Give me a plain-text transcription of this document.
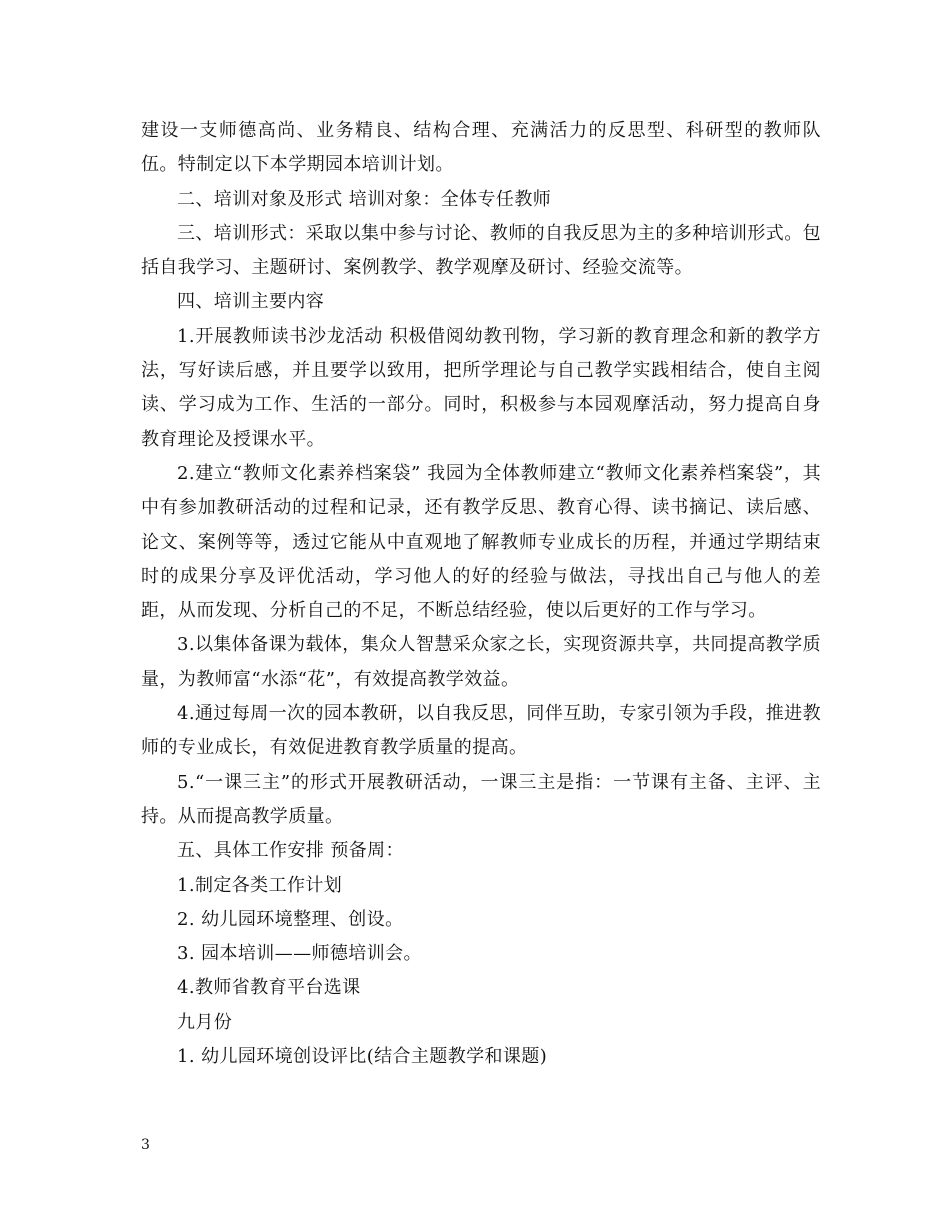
建设一支师德高尚、业务精良、结构合理、充满活力的反思型、科研型的教师队伍。特制定以下本学期园本培训计划。

二、培训对象及形式 培训对象：全体专任教师

三、培训形式：采取以集中参与讨论、教师的自我反思为主的多种培训形式。包括自我学习、主题研讨、案例教学、教学观摩及研讨、经验交流等。

四、培训主要内容

1.开展教师读书沙龙活动 积极借阅幼教刊物，学习新的教育理念和新的教学方法，写好读后感，并且要学以致用，把所学理论与自己教学实践相结合，使自主阅读、学习成为工作、生活的一部分。同时，积极参与本园观摩活动，努力提高自身教育理论及授课水平。

2.建立“教师文化素养档案袋” 我园为全体教师建立“教师文化素养档案袋”，其中有参加教研活动的过程和记录，还有教学反思、教育心得、读书摘记、读后感、论文、案例等等，透过它能从中直观地了解教师专业成长的历程，并通过学期结束时的成果分享及评优活动，学习他人的好的经验与做法，寻找出自己与他人的差距，从而发现、分析自己的不足，不断总结经验，使以后更好的工作与学习。

3.以集体备课为载体，集众人智慧采众家之长，实现资源共享，共同提高教学质量，为教师富“水添“花”，有效提高教学效益。

4.通过每周一次的园本教研，以自我反思，同伴互助，专家引领为手段，推进教师的专业成长，有效促进教育教学质量的提高。

5.“一课三主”的形式开展教研活动，一课三主是指：一节课有主备、主评、主持。从而提高教学质量。

五、具体工作安排 预备周：

1.制定各类工作计划

2. 幼儿园环境整理、创设。

3. 园本培训——师德培训会。

4.教师省教育平台选课

九月份

1. 幼儿园环境创设评比(结合主题教学和课题)

3
